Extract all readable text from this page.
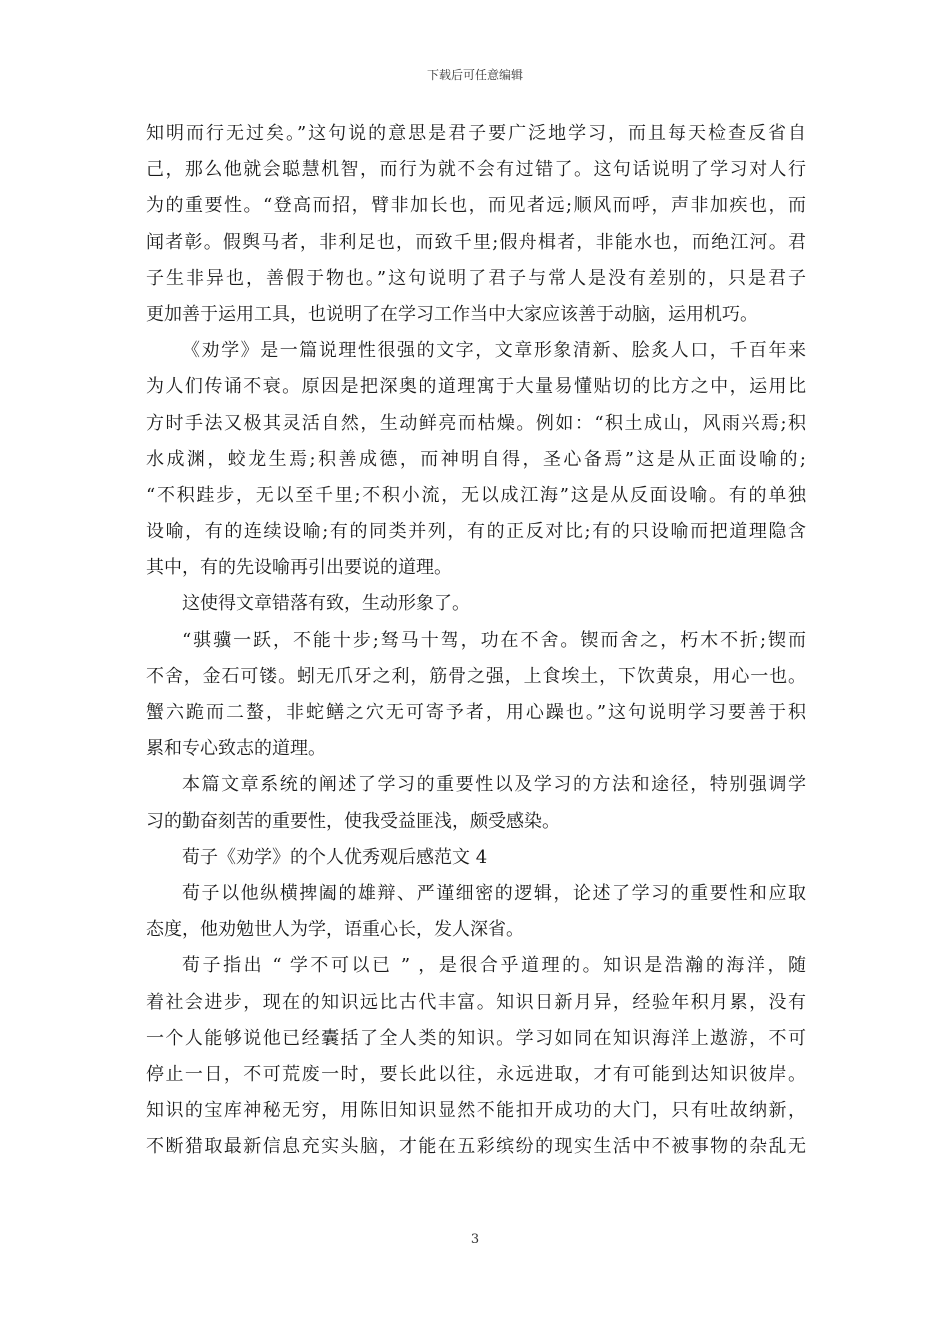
下载后可任意编辑
知明而行无过矣。”这句说的意思是君子要广泛地学习，而且每天检查反省自
己，那么他就会聪慧机智，而行为就不会有过错了。这句话说明了学习对人行
为的重要性。“登高而招，臂非加长也，而见者远;顺风而呼，声非加疾也，而
闻者彰。假舆马者，非利足也，而致千里;假舟楫者，非能水也，而绝江河。君
子生非异也，善假于物也。”这句说明了君子与常人是没有差别的，只是君子
更加善于运用工具，也说明了在学习工作当中大家应该善于动脑，运用机巧。
《劝学》是一篇说理性很强的文字，文章形象清新、脍炙人口，千百年来
为人们传诵不衰。原因是把深奥的道理寓于大量易懂贴切的比方之中，运用比
方时手法又极其灵活自然，生动鲜亮而枯燥。例如：“积土成山，风雨兴焉;积
水成渊，蛟龙生焉;积善成德，而神明自得，圣心备焉”这是从正面设喻的;
“不积跬步，无以至千里;不积小流，无以成江海”这是从反面设喻。有的单独
设喻，有的连续设喻;有的同类并列，有的正反对比;有的只设喻而把道理隐含
其中，有的先设喻再引出要说的道理。
这使得文章错落有致，生动形象了。
“骐骥一跃，不能十步;驽马十驾，功在不舍。锲而舍之，朽木不折;锲而
不舍，金石可镂。蚓无爪牙之利，筋骨之强，上食埃土，下饮黄泉，用心一也。
蟹六跪而二螯，非蛇鳝之穴无可寄予者，用心躁也。”这句说明学习要善于积
累和专心致志的道理。
本篇文章系统的阐述了学习的重要性以及学习的方法和途径，特别强调学
习的勤奋刻苦的重要性，使我受益匪浅，颇受感染。
荀子《劝学》的个人优秀观后感范文 4
荀子以他纵横捭阖的雄辩、严谨细密的逻辑，论述了学习的重要性和应取
态度，他劝勉世人为学，语重心长，发人深省。
荀子指出 “ 学不可以已 ” ，是很合乎道理的。知识是浩瀚的海洋，随
着社会进步，现在的知识远比古代丰富。知识日新月异，经验年积月累，没有
一个人能够说他已经囊括了全人类的知识。学习如同在知识海洋上遨游，不可
停止一日，不可荒废一时，要长此以往，永远进取，才有可能到达知识彼岸。
知识的宝库神秘无穷，用陈旧知识显然不能扣开成功的大门，只有吐故纳新，
不断猎取最新信息充实头脑，才能在五彩缤纷的现实生活中不被事物的杂乱无
3
